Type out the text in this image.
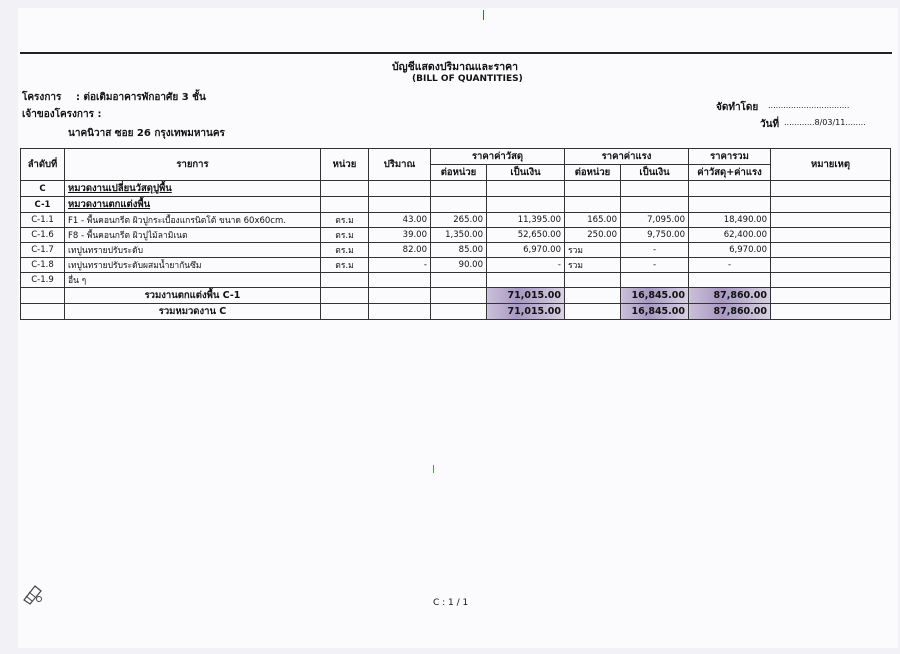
บัญชีแสดงปริมาณและราคา
(BILL OF QUANTITIES)
โครงการ : ต่อเติมอาคารพักอาศัย 3 ชั้น
เจ้าของโครงการ :
นาคนิวาส ซอย 26 กรุงเทพมหานคร
จัดทำโดย ................................
วันที่ ............8/03/11........
ลำดับที่	รายการ	หน่วย	ปริมาณ	ราคาค่าวัสดุ		ราคาค่าแรง		ราคารวม	หมายเหตุ
				ต่อหน่วย	เป็นเงิน	ต่อหน่วย	เป็นเงิน	ค่าวัสดุ+ค่าแรง	
C	หมวดงานเปลี่ยนวัสดุปูพื้น								
C-1	หมวดงานตกแต่งพื้น								
C-1.1	F1 - พื้นคอนกรีต ผิวปูกระเบื้องแกรนิตโต้ ขนาด 60x60cm.	ตร.ม	43.00	265.00	11,395.00	165.00	7,095.00	18,490.00	
C-1.6	F8 - พื้นคอนกรีต ผิวปูไม้ลามิเนต	ตร.ม	39.00	1,350.00	52,650.00	250.00	9,750.00	62,400.00	
C-1.7	เทปูนทรายปรับระดับ	ตร.ม	82.00	85.00	6,970.00	รวม	-	6,970.00	
C-1.8	เทปูนทรายปรับระดับผสมน้ำยากันซึม	ตร.ม	-	90.00	-	รวม	-	-	
C-1.9	อื่น ๆ								
	รวมงานตกแต่งพื้น C-1				71,015.00		16,845.00	87,860.00	
	รวมหมวดงาน C				71,015.00		16,845.00	87,860.00	
C : 1 / 1
